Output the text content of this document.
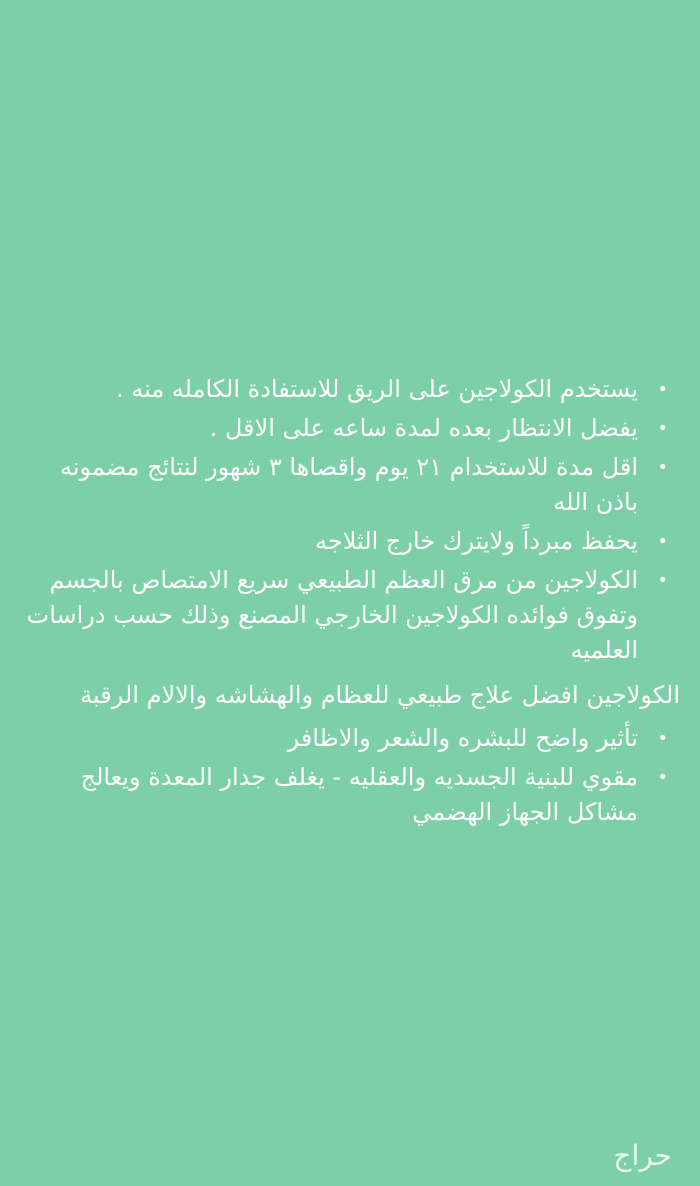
•
يستخدم الكولاجين على الريق للاستفادة الكامله منه .
•
يفضل الانتظار بعده لمدة ساعه على الاقل .
•
اقل مدة للاستخدام ٢١ يوم واقصاها ٣ شهور لنتائج مضمونه باذن الله
•
يحفظ مبرداً ولايترك خارج الثلاجه
•
الكولاجين من مرق العظم الطبيعي سريع الامتصاص بالجسم وتفوق فوائده الكولاجين الخارجي المصنع وذلك حسب دراسات العلميه
الكولاجين افضل علاج طبيعي للعظام والهشاشه والالام الرقبة
•
تأثير واضح للبشره والشعر والاظافر
•
مقوي للبنية الجسديه والعقليه - يغلف جدار المعدة ويعالج مشاكل الجهاز الهضمي
حراج
